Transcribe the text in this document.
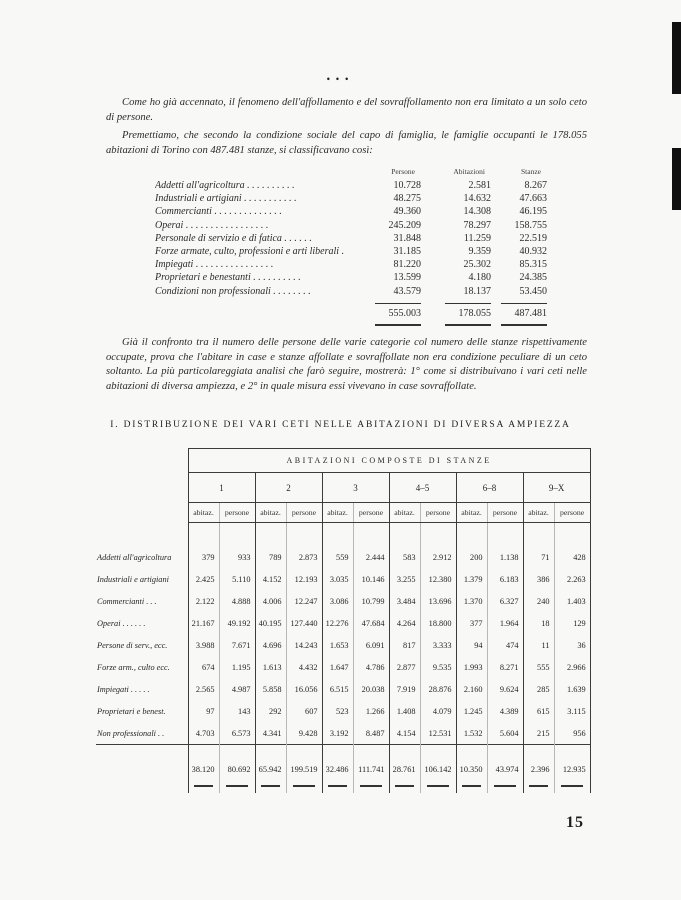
•••

Come ho già accennato, il fenomeno dell'affollamento e del sovraffollamento non era limitato a un solo ceto di persone.

Premettiamo, che secondo la condizione sociale del capo di famiglia, le famiglie occupanti le 178.055 abitazioni di Torino con 487.481 stanze, si classificavano così:

Persone	Abitazioni	Stanze
Addetti all'agricoltura . . . . . . . . . .	10.728	2.581	8.267
Industriali e artigiani . . . . . . . . . . .	48.275	14.632	47.663
Commercianti . . . . . . . . . . . . . .	49.360	14.308	46.195
Operai . . . . . . . . . . . . . . . . .	245.209	78.297	158.755
Personale di servizio e di fatica . . . . . .	31.848	11.259	22.519
Forze armate, culto, professioni e arti liberali .	31.185	9.359	40.932
Impiegati . . . . . . . . . . . . . . . .	81.220	25.302	85.315
Proprietari e benestanti . . . . . . . . . .	13.599	4.180	24.385
Condizioni non professionali . . . . . . . .	43.579	18.137	53.450
555.003	178.055	487.481

Già il confronto tra il numero delle persone delle varie categorie col numero delle stanze rispettivamente occupate, prova che l'abitare in case e stanze affollate e sovraffollate non era condizione peculiare di un ceto soltanto. La più particolareggiata analisi che farò seguire, mostrerà: 1° come si distribuivano i vari ceti nelle abitazioni di diversa ampiezza, e 2° in quale misura essi vivevano in case sovraffollate.

I. DISTRIBUZIONE DEI VARI CETI NELLE ABITAZIONI DI DIVERSA AMPIEZZA
	ABITAZIONI COMPOSTE DI STANZE											
	1		2		3		4–5		6–8		9–X	
	abitaz.	persone	abitaz.	persone	abitaz.	persone	abitaz.	persone	abitaz.	persone	abitaz.	persone

Addetti all'agricoltura	379	933	789	2.873	559	2.444	583	2.912	200	1.138	71	428
Industriali e artigiani	2.425	5.110	4.152	12.193	3.035	10.146	3.255	12.380	1.379	6.183	386	2.263
Commercianti . . .	2.122	4.888	4.006	12.247	3.086	10.799	3.484	13.696	1.370	6.327	240	1.403
Operai . . . . . .	21.167	49.192	40.195	127.440	12.276	47.684	4.264	18.800	377	1.964	18	129
Persone di serv., ecc.	3.988	7.671	4.696	14.243	1.653	6.091	817	3.333	94	474	11	36
Forze arm., culto ecc.	674	1.195	1.613	4.432	1.647	4.786	2.877	9.535	1.993	8.271	555	2.966
Impiegati . . . . .	2.565	4.987	5.858	16.056	6.515	20.038	7.919	28.876	2.160	9.624	285	1.639
Proprietari e benest.	97	143	292	607	523	1.266	1.408	4.079	1.245	4.389	615	3.115
Non professionali . .	4.703	6.573	4.341	9.428	3.192	8.487	4.154	12.531	1.532	5.604	215	956

	38.120	80.692	65.942	199.519	32.486	111.741	28.761	106.142	10.350	43.974	2.396	12.935

15
